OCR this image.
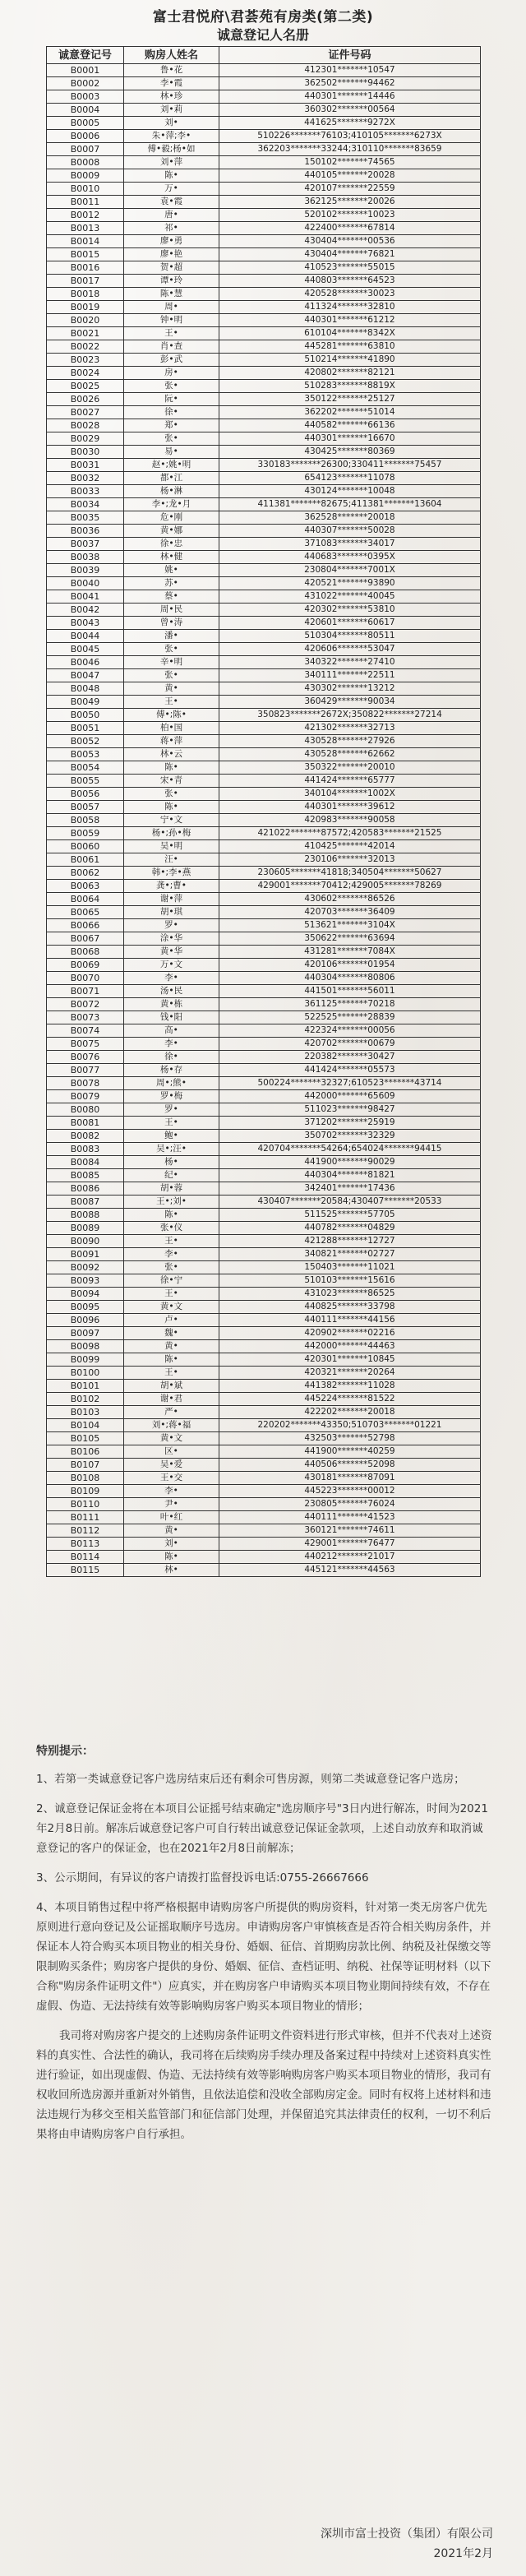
富士君悦府\君荟苑有房类(第二类)
诚意登记人名册
诚意登记号	购房人姓名	证件号码
B0001	鲁•花	412301*******10547
B0002	李•霞	362502*******94462
B0003	林•珍	440301*******14446
B0004	刘•莉	360302*******00564
B0005	刘•	441625*******9272X
B0006	朱•萍;李•	510226*******76103;410105*******6273X
B0007	傅•毅;杨•如	362203*******33244;310110*******83659
B0008	刘•萍	150102*******74565
B0009	陈•	440105*******20028
B0010	万•	420107*******22559
B0011	袁•霞	362125*******20026
B0012	唐•	520102*******10023
B0013	祁•	422400*******67814
B0014	廖•勇	430404*******00536
B0015	廖•艳	430404*******76821
B0016	贺•超	410523*******55015
B0017	谭•玲	440803*******64523
B0018	陈•慧	420528*******30023
B0019	周•	411324*******32810
B0020	钟•明	440301*******61212
B0021	王•	610104*******8342X
B0022	肖•查	445281*******63810
B0023	彭•武	510214*******41890
B0024	房•	420802*******82121
B0025	张•	510283*******8819X
B0026	阮•	350122*******25127
B0027	徐•	362202*******51014
B0028	郑•	440582*******66136
B0029	张•	440301*******16670
B0030	易•	430425*******80369
B0031	赵•;姚•明	330183*******26300;330411*******75457
B0032	都•江	654123*******11078
B0033	杨•淋	430124*******10048
B0034	李•;龙•月	411381*******82675;411381*******13604
B0035	危•刚	362528*******20018
B0036	黄•娜	440307*******50028
B0037	徐•忠	371083*******34017
B0038	林•健	440683*******0395X
B0039	姚•	230804*******7001X
B0040	苏•	420521*******93890
B0041	蔡•	431022*******40045
B0042	周•民	420302*******53810
B0043	曾•涛	420601*******60617
B0044	潘•	510304*******80511
B0045	张•	420606*******53047
B0046	辛•明	340322*******27410
B0047	张•	340111*******22511
B0048	黄•	430302*******13212
B0049	王•	360429*******90034
B0050	傅•;陈•	350823*******2672X;350822*******27214
B0051	柏•国	421302*******32713
B0052	蒋•萍	430528*******27926
B0053	林•云	430528*******62662
B0054	陈•	350322*******20010
B0055	宋•青	441424*******65777
B0056	张•	340104*******1002X
B0057	陈•	440301*******39612
B0058	宁•文	420983*******90058
B0059	杨•;孙•梅	421022*******87572;420583*******21525
B0060	吴•明	410425*******42014
B0061	汪•	230106*******32013
B0062	韩•;李•燕	230605*******41818;340504*******50627
B0063	龚•;曹•	429001*******70412;429005*******78269
B0064	谢•萍	430602*******86526
B0065	胡•琪	420703*******36409
B0066	罗•	513621*******3104X
B0067	涂•华	350622*******63694
B0068	黄•华	431281*******7084X
B0069	万•文	420106*******01954
B0070	李•	440304*******80806
B0071	汤•民	441501*******56011
B0072	黄•栋	361125*******70218
B0073	钱•阳	522525*******28839
B0074	高•	422324*******00056
B0075	李•	420702*******00679
B0076	徐•	220382*******30427
B0077	杨•存	441424*******05573
B0078	周•;熊•	500224*******32327;610523*******43714
B0079	罗•梅	442000*******65609
B0080	罗•	511023*******98427
B0081	王•	371202*******25919
B0082	鲍•	350702*******32329
B0083	吴•;汪•	420704*******54264;654024*******94415
B0084	杨•	441900*******90029
B0085	纪•	440304*******81821
B0086	胡•蓉	342401*******17436
B0087	王•;刘•	430407*******20584;430407*******20533
B0088	陈•	511525*******57705
B0089	张•仪	440782*******04829
B0090	王•	421288*******12727
B0091	李•	340821*******02727
B0092	张•	150403*******11021
B0093	徐•宁	510103*******15616
B0094	王•	431023*******86525
B0095	黄•文	440825*******33798
B0096	卢•	440111*******44156
B0097	魏•	420902*******02216
B0098	黄•	442000*******44463
B0099	陈•	420301*******10845
B0100	王•	420321*******20264
B0101	胡•斌	441382*******11028
B0102	谢•君	445224*******81522
B0103	严•	422202*******20018
B0104	刘•;蒋•福	220202*******43350;510703*******01221
B0105	黄•文	432503*******52798
B0106	区•	441900*******40259
B0107	吴•爱	440506*******52098
B0108	王•交	430181*******87091
B0109	李•	445223*******00012
B0110	尹•	230805*******76024
B0111	叶•红	440111*******41523
B0112	黄•	360121*******74611
B0113	刘•	429001*******76477
B0114	陈•	440212*******21017
B0115	林•	445121*******44563
特别提示：

1、若第一类诚意登记客户选房结束后还有剩余可售房源，则第二类诚意登记客户选房；

2、诚意登记保证金将在本项目公证摇号结束确定"选房顺序号"3日内进行解冻，时间为2021年2月8日前。解冻后诚意登记客户可自行转出诚意登记保证金款项，上述自动放弃和取消诚意登记的客户的保证金，也在2021年2月8日前解冻；

3、公示期间，有异议的客户请拨打监督投诉电话:0755-26667666

4、本项目销售过程中将严格根据申请购房客户所提供的购房资料，针对第一类无房客户优先原则进行意向登记及公证摇取顺序号选房。申请购房客户审慎核查是否符合相关购房条件，并保证本人符合购买本项目物业的相关身份、婚姻、征信、首期购房款比例、纳税及社保缴交等限制购买条件；购房客户提供的身份、婚姻、征信、查档证明、纳税、社保等证明材料（以下合称"购房条件证明文件"）应真实，并在购房客户申请购买本项目物业期间持续有效，不存在虚假、伪造、无法持续有效等影响购房客户购买本项目物业的情形；

我司将对购房客户提交的上述购房条件证明文件资料进行形式审核，但并不代表对上述资料的真实性、合法性的确认，我司将在后续购房手续办理及备案过程中持续对上述资料真实性进行验证，如出现虚假、伪造、无法持续有效等影响购房客户购买本项目物业的情形，我司有权收回所选房源并重新对外销售，且依法追偿和没收全部购房定金。同时有权将上述材料和违法违规行为移交至相关监管部门和征信部门处理，并保留追究其法律责任的权利，一切不利后果将由申请购房客户自行承担。

深圳市富士投资（集团）有限公司
2021年2月
